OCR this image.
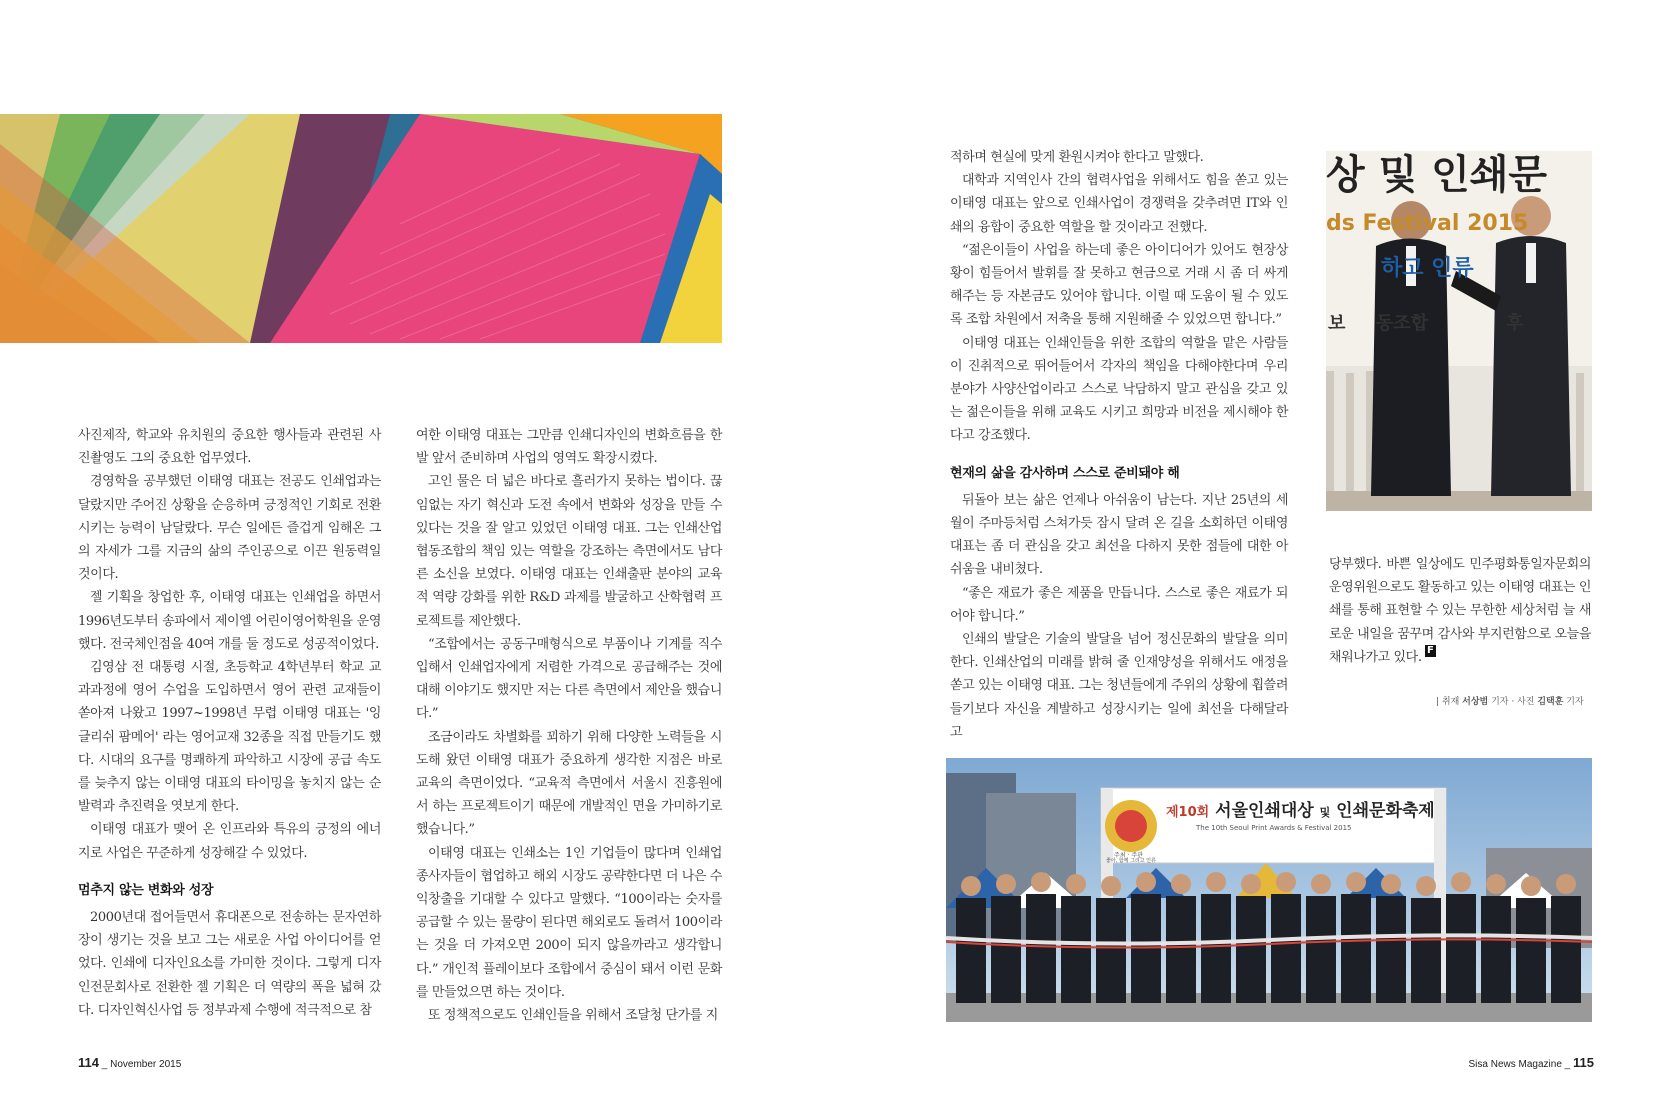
사진제작, 학교와 유치원의 중요한 행사들과 관련된 사진촬영도 그의 중요한 업무였다.

경영학을 공부했던 이태영 대표는 전공도 인쇄업과는 달랐지만 주어진 상황을 순응하며 긍정적인 기회로 전환시키는 능력이 남달랐다. 무슨 일에든 즐겁게 임해온 그의 자세가 그를 지금의 삶의 주인공으로 이끈 원동력일 것이다.

젤 기획을 창업한 후, 이태영 대표는 인쇄업을 하면서 1996년도부터 송파에서 제이엘 어린이영어학원을 운영했다. 전국체인점을 40여 개를 둘 정도로 성공적이었다.

김영삼 전 대통령 시절, 초등학교 4학년부터 학교 교과과정에 영어 수업을 도입하면서 영어 관련 교재들이 쏟아져 나왔고 1997~1998년 무렵 이태영 대표는 '잉글리쉬 팜메어' 라는 영어교재 32종을 직접 만들기도 했다. 시대의 요구를 명쾌하게 파악하고 시장에 공급 속도를 늦추지 않는 이태영 대표의 타이밍을 놓치지 않는 순발력과 추진력을 엿보게 한다.

이태영 대표가 맺어 온 인프라와 특유의 긍정의 에너지로 사업은 꾸준하게 성장해갈 수 있었다.

멈추지 않는 변화와 성장

2000년대 접어들면서 휴대폰으로 전송하는 문자연하장이 생기는 것을 보고 그는 새로운 사업 아이디어를 얻었다. 인쇄에 디자인요소를 가미한 것이다. 그렇게 디자인전문회사로 전환한 젤 기획은 더 역량의 폭을 넓혀 갔다. 디자인혁신사업 등 정부과제 수행에 적극적으로 참

여한 이태영 대표는 그만큼 인쇄디자인의 변화흐름을 한발 앞서 준비하며 사업의 영역도 확장시켰다.

고인 물은 더 넓은 바다로 흘러가지 못하는 법이다. 끊임없는 자기 혁신과 도전 속에서 변화와 성장을 만들 수 있다는 것을 잘 알고 있었던 이태영 대표. 그는 인쇄산업협동조합의 책임 있는 역할을 강조하는 측면에서도 남다른 소신을 보였다. 이태영 대표는 인쇄출판 분야의 교육적 역량 강화를 위한 R&D 과제를 발굴하고 산학협력 프로젝트를 제안했다.

“조합에서는 공동구매형식으로 부품이나 기계를 직수입해서 인쇄업자에게 저렴한 가격으로 공급해주는 것에 대해 이야기도 했지만 저는 다른 측면에서 제안을 했습니다.”

조금이라도 차별화를 꾀하기 위해 다양한 노력들을 시도해 왔던 이태영 대표가 중요하게 생각한 지점은 바로 교육의 측면이었다. “교육적 측면에서 서울시 진흥원에서 하는 프로젝트이기 때문에 개발적인 면을 가미하기로 했습니다.”

이태영 대표는 인쇄소는 1인 기업들이 많다며 인쇄업 종사자들이 협업하고 해외 시장도 공략한다면 더 나은 수익창출을 기대할 수 있다고 말했다. “100이라는 숫자를 공급할 수 있는 물량이 된다면 해외로도 돌려서 100이라는 것을 더 가져오면 200이 되지 않을까라고 생각합니다.” 개인적 플레이보다 조합에서 중심이 돼서 이런 문화를 만들었으면 하는 것이다.

또 정책적으로도 인쇄인들을 위해서 조달청 단가를 지

114 _ November 2015

적하며 현실에 맞게 환원시켜야 한다고 말했다.

대학과 지역인사 간의 협력사업을 위해서도 힘을 쏟고 있는 이태영 대표는 앞으로 인쇄사업이 경쟁력을 갖추려면 IT와 인쇄의 융합이 중요한 역할을 할 것이라고 전했다.

“젊은이들이 사업을 하는데 좋은 아이디어가 있어도 현장상황이 힘들어서 발휘를 잘 못하고 현금으로 거래 시 좀 더 싸게 해주는 등 자본금도 있어야 합니다. 이럴 때 도움이 될 수 있도록 조합 차원에서 저축을 통해 지원해줄 수 있었으면 합니다.”

이태영 대표는 인쇄인들을 위한 조합의 역할을 맡은 사람들이 진취적으로 뛰어들어서 각자의 책임을 다해야한다며 우리 분야가 사양산업이라고 스스로 낙담하지 말고 관심을 갖고 있는 젊은이들을 위해 교육도 시키고 희망과 비전을 제시해야 한다고 강조했다.

현재의 삶을 감사하며 스스로 준비돼야 해

뒤돌아 보는 삶은 언제나 아쉬움이 남는다. 지난 25년의 세월이 주마등처럼 스쳐가듯 잠시 달려 온 길을 소회하던 이태영 대표는 좀 더 관심을 갖고 최선을 다하지 못한 점들에 대한 아쉬움을 내비쳤다.

“좋은 재료가 좋은 제품을 만듭니다. 스스로 좋은 재료가 되어야 합니다.”

인쇄의 발달은 기술의 발달을 넘어 정신문화의 발달을 의미한다. 인쇄산업의 미래를 밝혀 줄 인재양성을 위해서도 애정을 쏟고 있는 이태영 대표. 그는 청년들에게 주위의 상황에 휩쓸려 들기보다 자신을 계발하고 성장시키는 일에 최선을 다해달라고

상 및 인쇄문
ds Festival 2015
하고 인류
동조합	후
보

당부했다. 바쁜 일상에도 민주평화통일자문회의 운영위원으로도 활동하고 있는 이태영 대표는 인쇄를 통해 표현할 수 있는 무한한 세상처럼 늘 새로운 내일을 꿈꾸며 감사와 부지런함으로 오늘을 채워나가고 있다. F
| 취재 서상범 기자 · 사진 김택훈 기자
제10회 서울인쇄대상 및 인쇄문화축제
The 10th Seoul Print Awards & Festival 2015
주최 · 주관
좋아, 함께 그리고 인류
Sisa News Magazine _ 115
